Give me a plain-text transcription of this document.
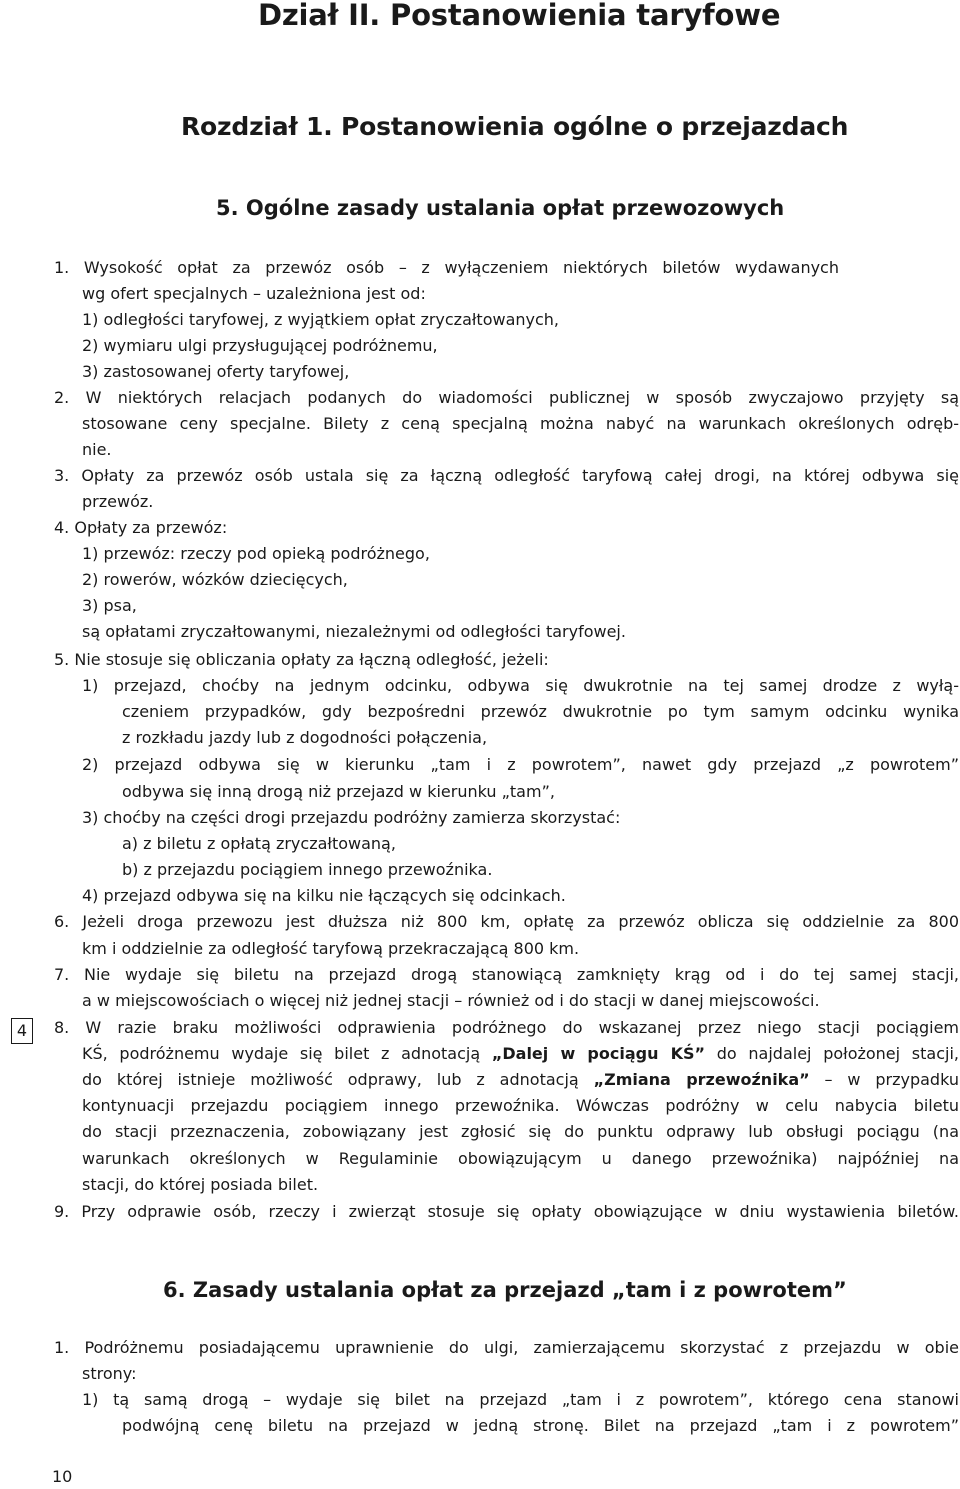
Dział II. Postanowienia taryfowe
Rozdział 1. Postanowienia ogólne o przejazdach
5. Ogólne zasady ustalania opłat przewozowych
1. Wysokość opłat za przewóz osób – z wyłączeniem niektórych biletów wydawanych
wg ofert specjalnych – uzależniona jest od:
1) odległości taryfowej, z wyjątkiem opłat zryczałtowanych,
2) wymiaru ulgi przysługującej podróżnemu,
3) zastosowanej oferty taryfowej,
2. W niektórych relacjach podanych do wiadomości publicznej w sposób zwyczajowo przyjęty są
stosowane ceny specjalne. Bilety z ceną specjalną można nabyć na warunkach określonych odręb-
nie.
3. Opłaty za przewóz osób ustala się za łączną odległość taryfową całej drogi, na której odbywa się
przewóz.
4. Opłaty za przewóz:
1) przewóz: rzeczy pod opieką podróżnego,
2) rowerów, wózków dziecięcych,
3) psa,
są opłatami zryczałtowanymi, niezależnymi od odległości taryfowej.
5. Nie stosuje się obliczania opłaty za łączną odległość, jeżeli:
1) przejazd, choćby na jednym odcinku, odbywa się dwukrotnie na tej samej drodze z wyłą-
czeniem przypadków, gdy bezpośredni przewóz dwukrotnie po tym samym odcinku wynika
z rozkładu jazdy lub z dogodności połączenia,
2) przejazd odbywa się w kierunku „tam i z powrotem”, nawet gdy przejazd „z powrotem”
odbywa się inną drogą niż przejazd w kierunku „tam”,
3) choćby na części drogi przejazdu podróżny zamierza skorzystać:
a) z biletu z opłatą zryczałtowaną,
b) z przejazdu pociągiem innego przewoźnika.
4) przejazd odbywa się na kilku nie łączących się odcinkach.
6. Jeżeli droga przewozu jest dłuższa niż 800 km, opłatę za przewóz oblicza się oddzielnie za 800
km i oddzielnie za odległość taryfową przekraczającą 800 km.
7. Nie wydaje się biletu na przejazd drogą stanowiącą zamknięty krąg od i do tej samej stacji,
a w miejscowościach o więcej niż jednej stacji – również od i do stacji w danej miejscowości.
8. W razie braku możliwości odprawienia podróżnego do wskazanej przez niego stacji pociągiem
KŚ, podróżnemu wydaje się bilet z adnotacją „Dalej w pociągu KŚ” do najdalej położonej stacji,
do której istnieje możliwość odprawy, lub z adnotacją „Zmiana przewoźnika” – w przypadku
kontynuacji przejazdu pociągiem innego przewoźnika. Wówczas podróżny w celu nabycia biletu
do stacji przeznaczenia, zobowiązany jest zgłosić się do punktu odprawy lub obsługi pociągu (na
warunkach określonych w Regulaminie obowiązującym u danego przewoźnika) najpóźniej na
stacji, do której posiada bilet.
9. Przy odprawie osób, rzeczy i zwierząt stosuje się opłaty obowiązujące w dniu wystawienia biletów.
6. Zasady ustalania opłat za przejazd „tam i z powrotem”
1. Podróżnemu posiadającemu uprawnienie do ulgi, zamierzającemu skorzystać z przejazdu w obie
strony:
1) tą samą drogą – wydaje się bilet na przejazd „tam i z powrotem”, którego cena stanowi
podwójną cenę biletu na przejazd w jedną stronę. Bilet na przejazd „tam i z powrotem”
4
10
